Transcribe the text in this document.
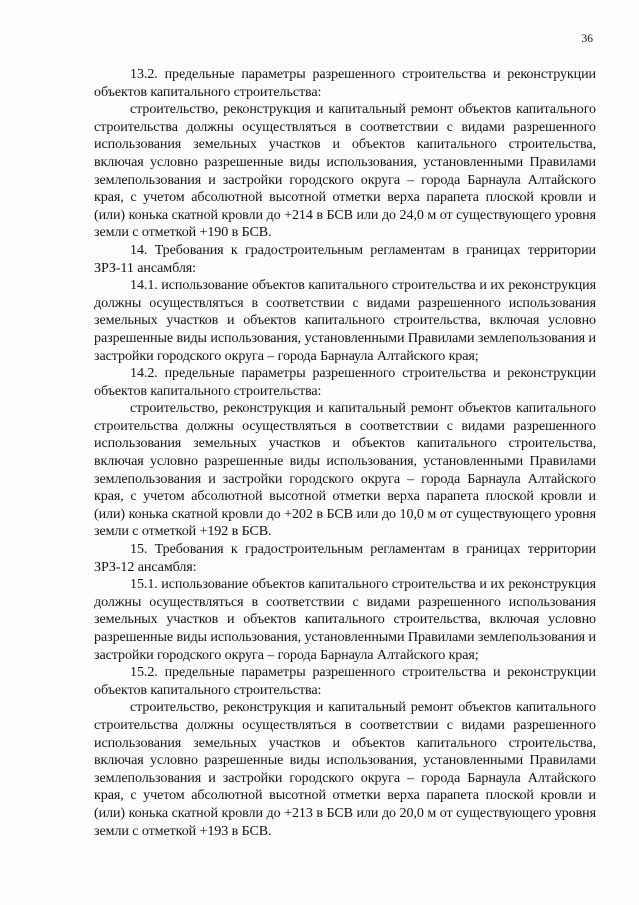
36

13.2. предельные параметры разрешенного строительства и реконструкции объектов капитального строительства:

строительство, реконструкция и капитальный ремонт объектов капитального строительства должны осуществляться в соответствии с видами разрешенного использования земельных участков и объектов капитального строительства, включая условно разрешенные виды использования, установленными Правилами землепользования и застройки городского округа – города Барнаула Алтайского края, с учетом абсолютной высотной отметки верха парапета плоской кровли и (или) конька скатной кровли до +214 в БСВ или до 24,0 м от существующего уровня земли с отметкой +190 в БСВ.

14. Требования к градостроительным регламентам в границах территории ЗРЗ-11 ансамбля:

14.1. использование объектов капитального строительства и их реконструкция должны осуществляться в соответствии с видами разрешенного использования земельных участков и объектов капитального строительства, включая условно разрешенные виды использования, установленными Правилами землепользования и застройки городского округа – города Барнаула Алтайского края;

14.2. предельные параметры разрешенного строительства и реконструкции объектов капитального строительства:

строительство, реконструкция и капитальный ремонт объектов капитального строительства должны осуществляться в соответствии с видами разрешенного использования земельных участков и объектов капитального строительства, включая условно разрешенные виды использования, установленными Правилами землепользования и застройки городского округа – города Барнаула Алтайского края, с учетом абсолютной высотной отметки верха парапета плоской кровли и (или) конька скатной кровли до +202 в БСВ или до 10,0 м от существующего уровня земли с отметкой +192 в БСВ.

15. Требования к градостроительным регламентам в границах территории ЗРЗ-12 ансамбля:

15.1. использование объектов капитального строительства и их реконструкция должны осуществляться в соответствии с видами разрешенного использования земельных участков и объектов капитального строительства, включая условно разрешенные виды использования, установленными Правилами землепользования и застройки городского округа – города Барнаула Алтайского края;

15.2. предельные параметры разрешенного строительства и реконструкции объектов капитального строительства:

строительство, реконструкция и капитальный ремонт объектов капитального строительства должны осуществляться в соответствии с видами разрешенного использования земельных участков и объектов капитального строительства, включая условно разрешенные виды использования, установленными Правилами землепользования и застройки городского округа – города Барнаула Алтайского края, с учетом абсолютной высотной отметки верха парапета плоской кровли и (или) конька скатной кровли до +213 в БСВ или до 20,0 м от существующего уровня земли с отметкой +193 в БСВ.
